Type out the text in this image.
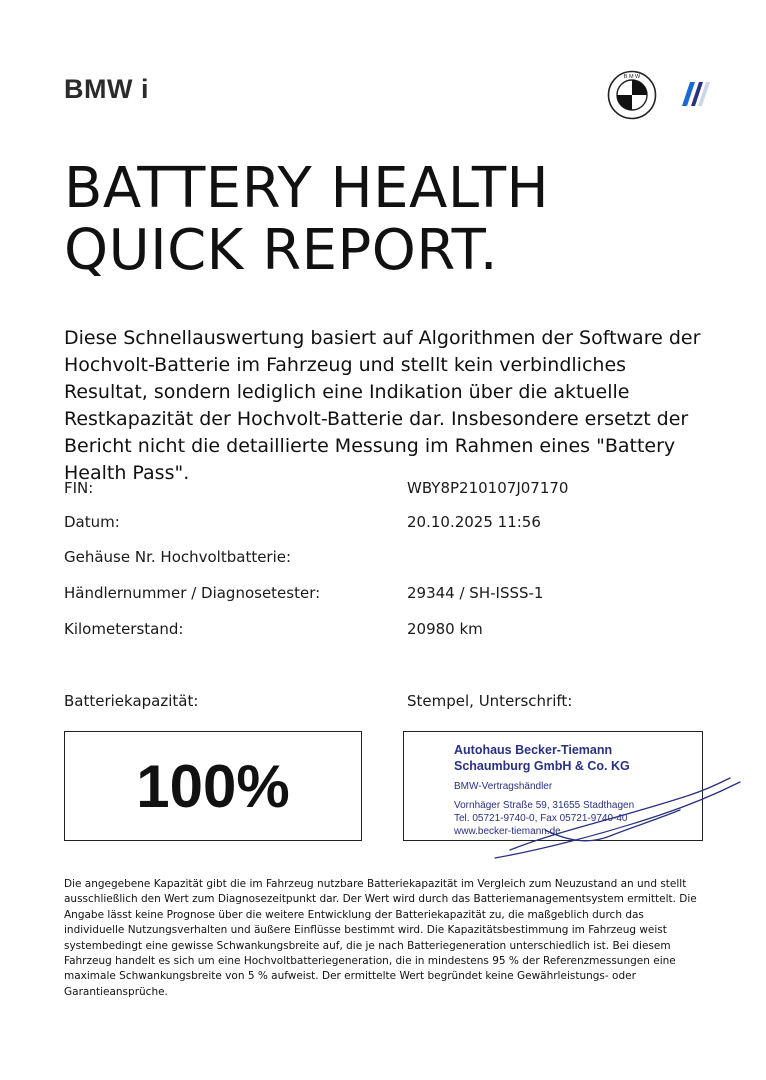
BMW i	B M W
BATTERY HEALTH
QUICK REPORT.

Diese Schnellauswertung basiert auf Algorithmen der Software der Hochvolt-Batterie im Fahrzeug und stellt kein verbindliches Resultat, sondern lediglich eine Indikation über die aktuelle Restkapazität der Hochvolt-Batterie dar. Insbesondere ersetzt der Bericht nicht die detaillierte Messung im Rahmen eines "Battery Health Pass".

FIN:	WBY8P210107J07170
Datum:	20.10.2025 11:56
Gehäuse Nr. Hochvoltbatterie:
Händlernummer / Diagnosetester:	29344 / SH-ISSS-1
Kilometerstand:	20980 km
Batteriekapazität:
100%
Stempel, Unterschrift:
Autohaus Becker-Tiemann
Schaumburg GmbH & Co. KG
BMW-Vertragshändler
Vornhäger Straße 59, 31655 Stadthagen
Tel. 05721-9740-0, Fax 05721-9740-40
www.becker-tiemann.de

Die angegebene Kapazität gibt die im Fahrzeug nutzbare Batteriekapazität im Vergleich zum Neuzustand an und stellt ausschließlich den Wert zum Diagnosezeitpunkt dar. Der Wert wird durch das Batteriemanagementsystem ermittelt. Die Angabe lässt keine Prognose über die weitere Entwicklung der Batteriekapazität zu, die maßgeblich durch das individuelle Nutzungsverhalten und äußere Einflüsse bestimmt wird. Die Kapazitätsbestimmung im Fahrzeug weist systembedingt eine gewisse Schwankungsbreite auf, die je nach Batteriegeneration unterschiedlich ist. Bei diesem Fahrzeug handelt es sich um eine Hochvoltbatteriegeneration, die in mindestens 95 % der Referenzmessungen eine maximale Schwankungsbreite von 5 % aufweist. Der ermittelte Wert begründet keine Gewährleistungs- oder Garantieansprüche.
